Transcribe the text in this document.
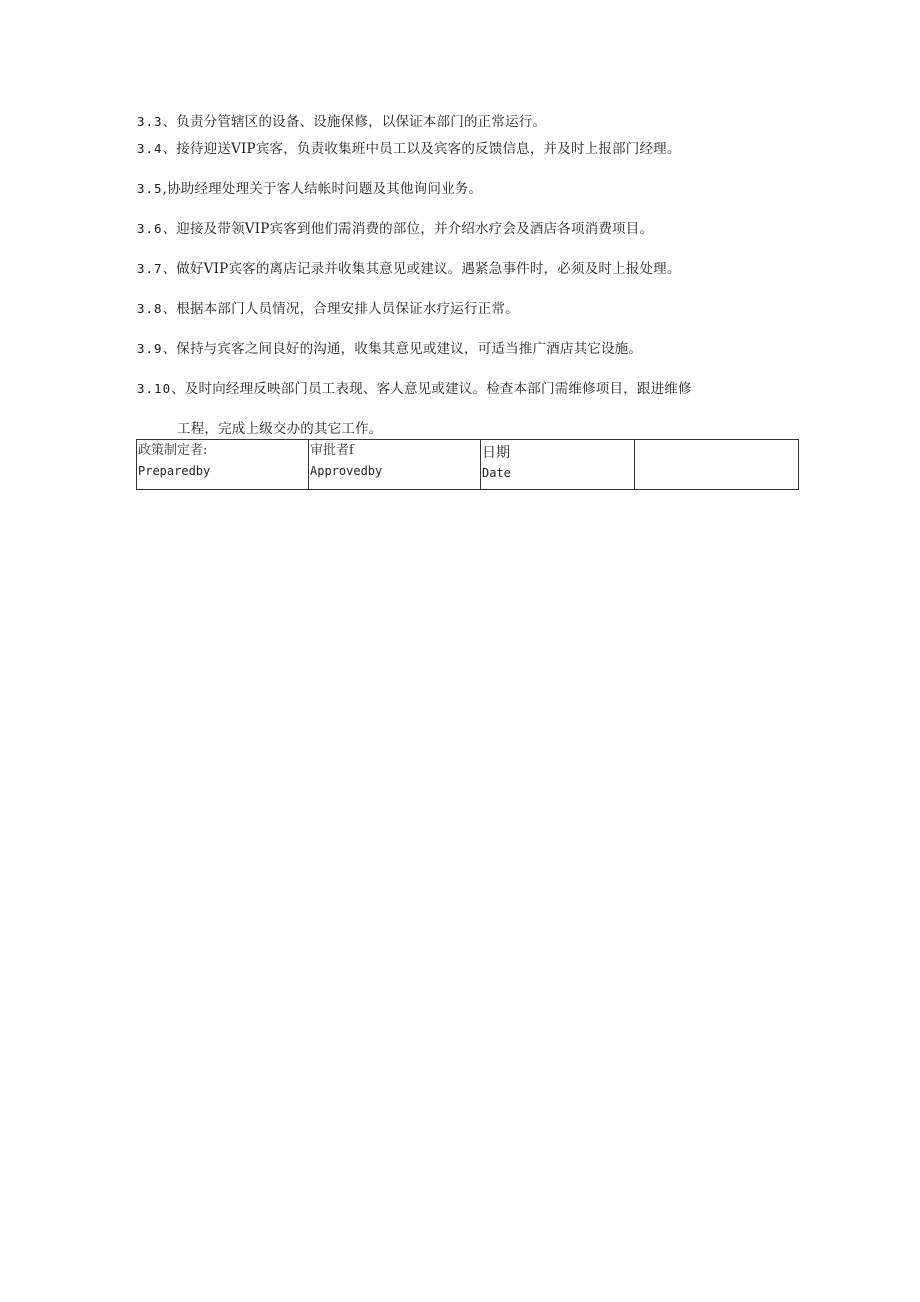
3.3、负责分管辖区的设备、设施保修，以保证本部门的正常运行。
3.4、接待迎送VIP宾客，负责收集班中员工以及宾客的反馈信息，并及时上报部门经理。
3.5,协助经理处理关于客人结帐时问题及其他询问业务。
3.6、迎接及带领VIP宾客到他们需消费的部位，并介绍水疗会及酒店各项消费项目。
3.7、做好VIP宾客的离店记录并收集其意见或建议。遇紧急事件时，必须及时上报处理。
3.8、根据本部门人员情况，合理安排人员保证水疗运行正常。
3.9、保持与宾客之间良好的沟通，收集其意见或建议，可适当推广酒店其它设施。
3.10、及时向经理反映部门员工表现、客人意见或建议。检查本部门需维修项目，跟进维修
工程，完成上级交办的其它工作。
政策制定者:
Preparedby

审批者f
Approvedby

日期
Date
